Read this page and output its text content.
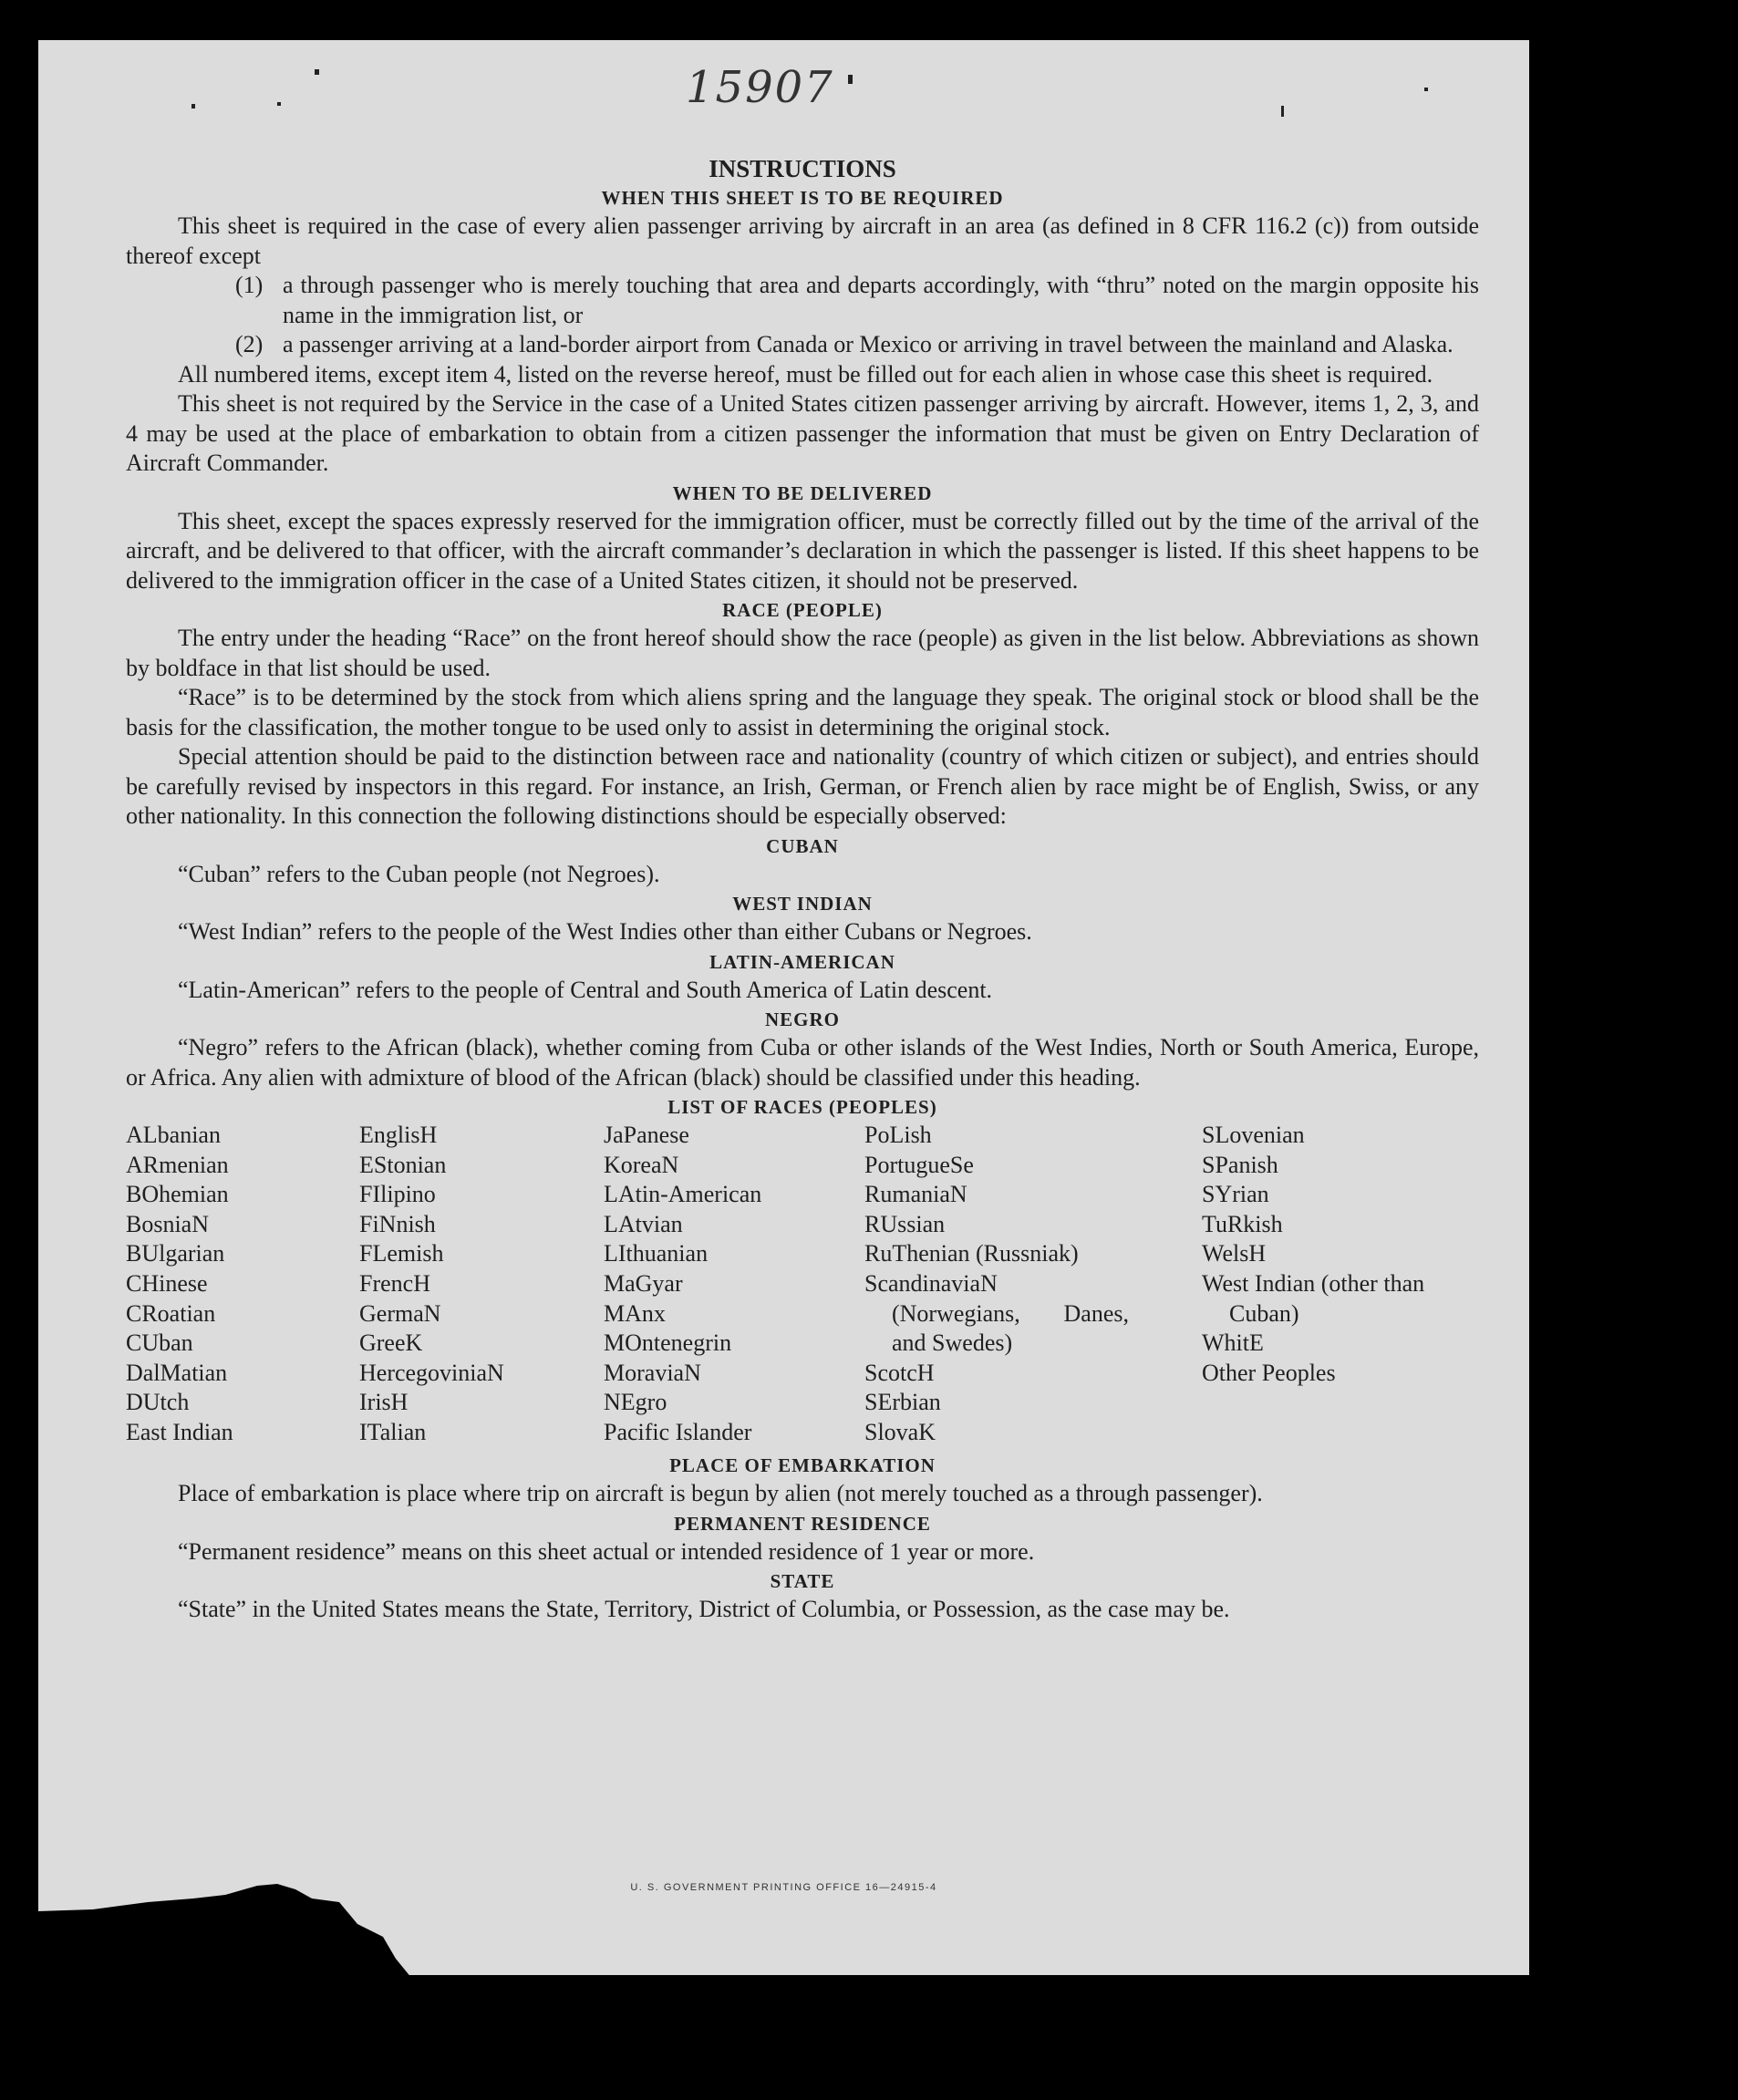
15907
INSTRUCTIONS
WHEN THIS SHEET IS TO BE REQUIRED

This sheet is required in the case of every alien passenger arriving by aircraft in an area (as defined in 8 CFR 116.2 (c)) from outside thereof except

(1) a through passenger who is merely touching that area and departs accordingly, with “thru” noted on the margin opposite his name in the immigration list, or
(2) a passenger arriving at a land-border airport from Canada or Mexico or arriving in travel between the mainland and Alaska.

All numbered items, except item 4, listed on the reverse hereof, must be filled out for each alien in whose case this sheet is required.

This sheet is not required by the Service in the case of a United States citizen passenger arriving by aircraft. However, items 1, 2, 3, and 4 may be used at the place of embarkation to obtain from a citizen passenger the information that must be given on Entry Declaration of Aircraft Commander.

WHEN TO BE DELIVERED

This sheet, except the spaces expressly reserved for the immigration officer, must be correctly filled out by the time of the arrival of the aircraft, and be delivered to that officer, with the aircraft commander’s declaration in which the passenger is listed. If this sheet happens to be delivered to the immigration officer in the case of a United States citizen, it should not be preserved.

RACE (PEOPLE)

The entry under the heading “Race” on the front hereof should show the race (people) as given in the list below. Abbreviations as shown by boldface in that list should be used.

“Race” is to be determined by the stock from which aliens spring and the language they speak. The original stock or blood shall be the basis for the classification, the mother tongue to be used only to assist in determining the original stock.

Special attention should be paid to the distinction between race and nationality (country of which citizen or subject), and entries should be carefully revised by inspectors in this regard. For instance, an Irish, German, or French alien by race might be of English, Swiss, or any other nationality. In this connection the following distinctions should be especially observed:

CUBAN

“Cuban” refers to the Cuban people (not Negroes).

WEST INDIAN

“West Indian” refers to the people of the West Indies other than either Cubans or Negroes.

LATIN-AMERICAN

“Latin-American” refers to the people of Central and South America of Latin descent.

NEGRO

“Negro” refers to the African (black), whether coming from Cuba or other islands of the West Indies, North or South America, Europe, or Africa. Any alien with admixture of blood of the African (black) should be classified under this heading.

LIST OF RACES (PEOPLES)
ALbanian
ARmenian
BOhemian
BosniaN
BUlgarian
CHinese
CRoatian
CUban
DalMatian
DUtch
East Indian
EnglisH
EStonian
FIlipino
FiNnish
FLemish
FrencH
GermaN
GreeK
HercegoviniaN
IrisH
ITalian
JaPanese
KoreaN
LAtin-American
LAtvian
LIthuanian
MaGyar
MAnx
MOntenegrin
MoraviaN
NEgro
Pacific Islander
PoLish
PortugueSe
RumaniaN
RUssian
RuThenian (Russniak)
ScandinaviaN (Norwegians, Danes, and Swedes)
ScotcH
SErbian
SlovaK
SLovenian
SPanish
SYrian
TuRkish
WelsH
West Indian (other than Cuban)
WhitE
Other Peoples
PLACE OF EMBARKATION

Place of embarkation is place where trip on aircraft is begun by alien (not merely touched as a through passenger).

PERMANENT RESIDENCE

“Permanent residence” means on this sheet actual or intended residence of 1 year or more.

STATE

“State” in the United States means the State, Territory, District of Columbia, or Possession, as the case may be.

U. S. GOVERNMENT PRINTING OFFICE 16—24915-4
